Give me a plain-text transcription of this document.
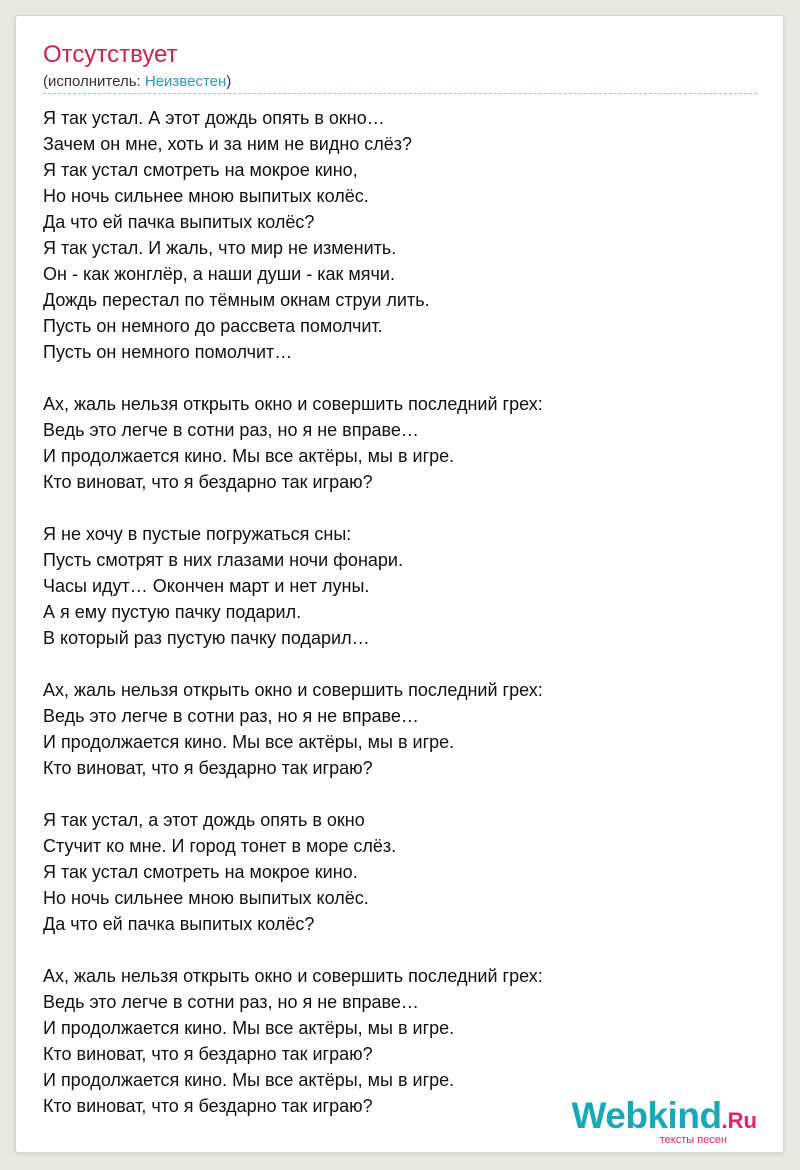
Отсутствует
(исполнитель: Неизвестен)
Я так устал. А этот дождь опять в окно…
Зачем он мне, хоть и за ним не видно слёз?
Я так устал смотреть на мокрое кино,
Но ночь сильнее мною выпитых колёс.
Да что ей пачка выпитых колёс?
Я так устал. И жаль, что мир не изменить.
Он - как жонглёр, а наши души - как мячи.
Дождь перестал по тёмным окнам струи лить.
Пусть он немного до рассвета помолчит.
Пусть он немного помолчит…
Ах, жаль нельзя открыть окно и совершить последний грех:
Ведь это легче в сотни раз, но я не вправе…
И продолжается кино. Мы все актёры, мы в игре.
Кто виноват, что я бездарно так играю?
Я не хочу в пустые погружаться сны:
Пусть смотрят в них глазами ночи фонари.
Часы идут… Окончен март и нет луны.
А я ему пустую пачку подарил.
В который раз пустую пачку подарил…
Ах, жаль нельзя открыть окно и совершить последний грех:
Ведь это легче в сотни раз, но я не вправе…
И продолжается кино. Мы все актёры, мы в игре.
Кто виноват, что я бездарно так играю?
Я так устал, а этот дождь опять в окно
Стучит ко мне. И город тонет в море слёз.
Я так устал смотреть на мокрое кино.
Но ночь сильнее мною выпитых колёс.
Да что ей пачка выпитых колёс?
Ах, жаль нельзя открыть окно и совершить последний грех:
Ведь это легче в сотни раз, но я не вправе…
И продолжается кино. Мы все актёры, мы в игре.
Кто виноват, что я бездарно так играю?
И продолжается кино. Мы все актёры, мы в игре.
Кто виноват, что я бездарно так играю?	Webkind.Ru
тексты песен
